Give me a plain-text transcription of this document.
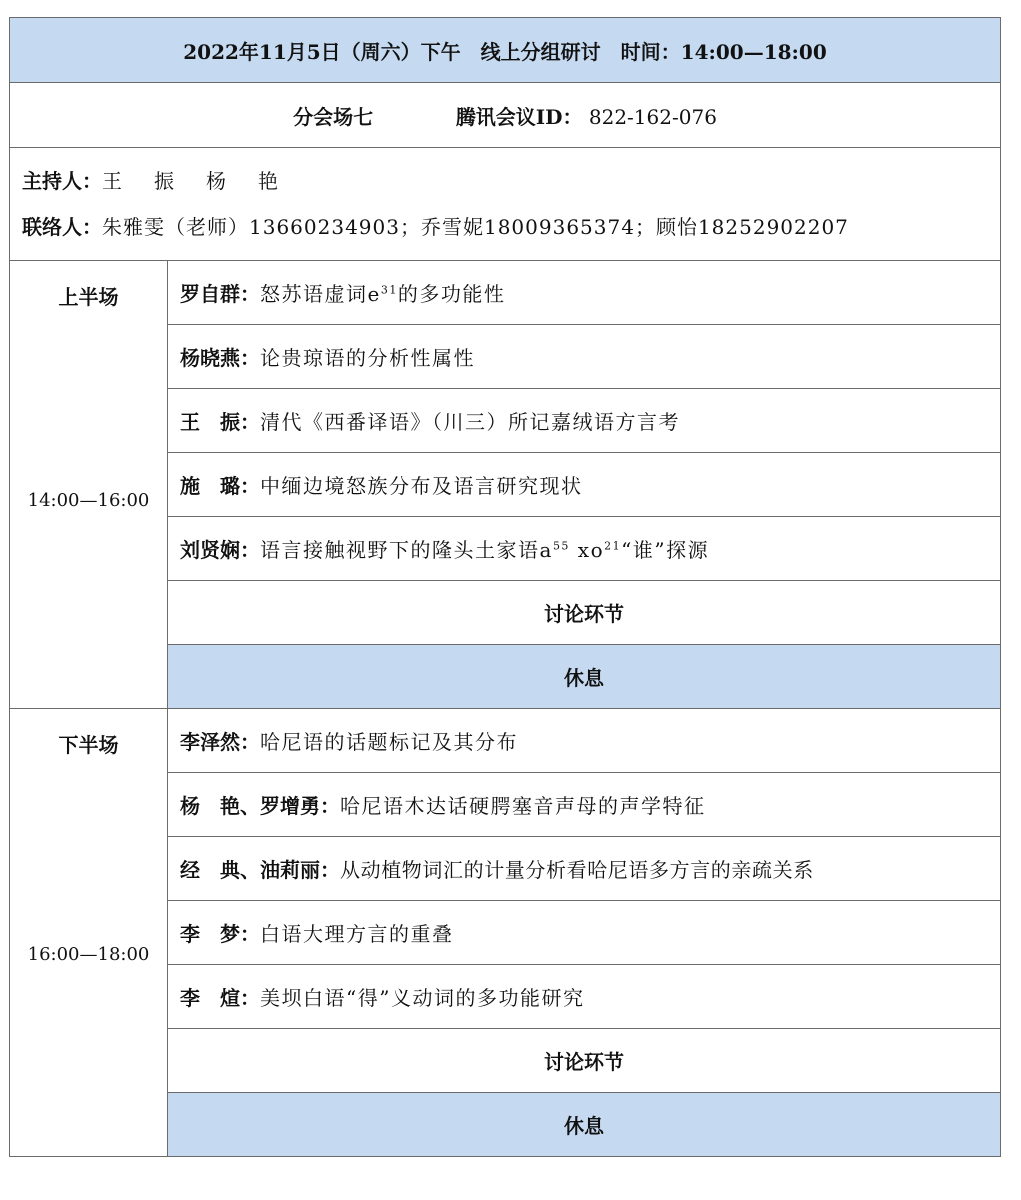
2022年11月5日（周六）下午　线上分组研讨　时间：14:00—18:00	
分会场七 腾讯会议ID： 822-162-076	

主持人：王　振　杨　艳
联络人：朱雅雯（老师）13660234903；乔雪妮18009365374；顾怡18252902207	

上半场
14:00—16:00	罗自群：怒苏语虚词$e^{31}$的多功能性
	杨晓燕：论贵琼语的分析性属性
	王　振：清代《西番译语》（川三）所记嘉绒语方言考
	施　璐：中缅边境怒族分布及语言研究现状
	刘贤娴：语言接触视野下的隆头土家语$a^{55}$ $xo^{21}“$谁”探源
	讨论环节
	休息

下半场
16:00—18:00	李泽然：哈尼语的话题标记及其分布
	杨　艳、罗增勇：哈尼语木达话硬腭塞音声母的声学特征
	经　典、油莉丽：从动植物词汇的计量分析看哈尼语多方言的亲疏关系
	李　梦：白语大理方言的重叠
	李　煊：美坝白语“得”义动词的多功能研究
	讨论环节
	休息
